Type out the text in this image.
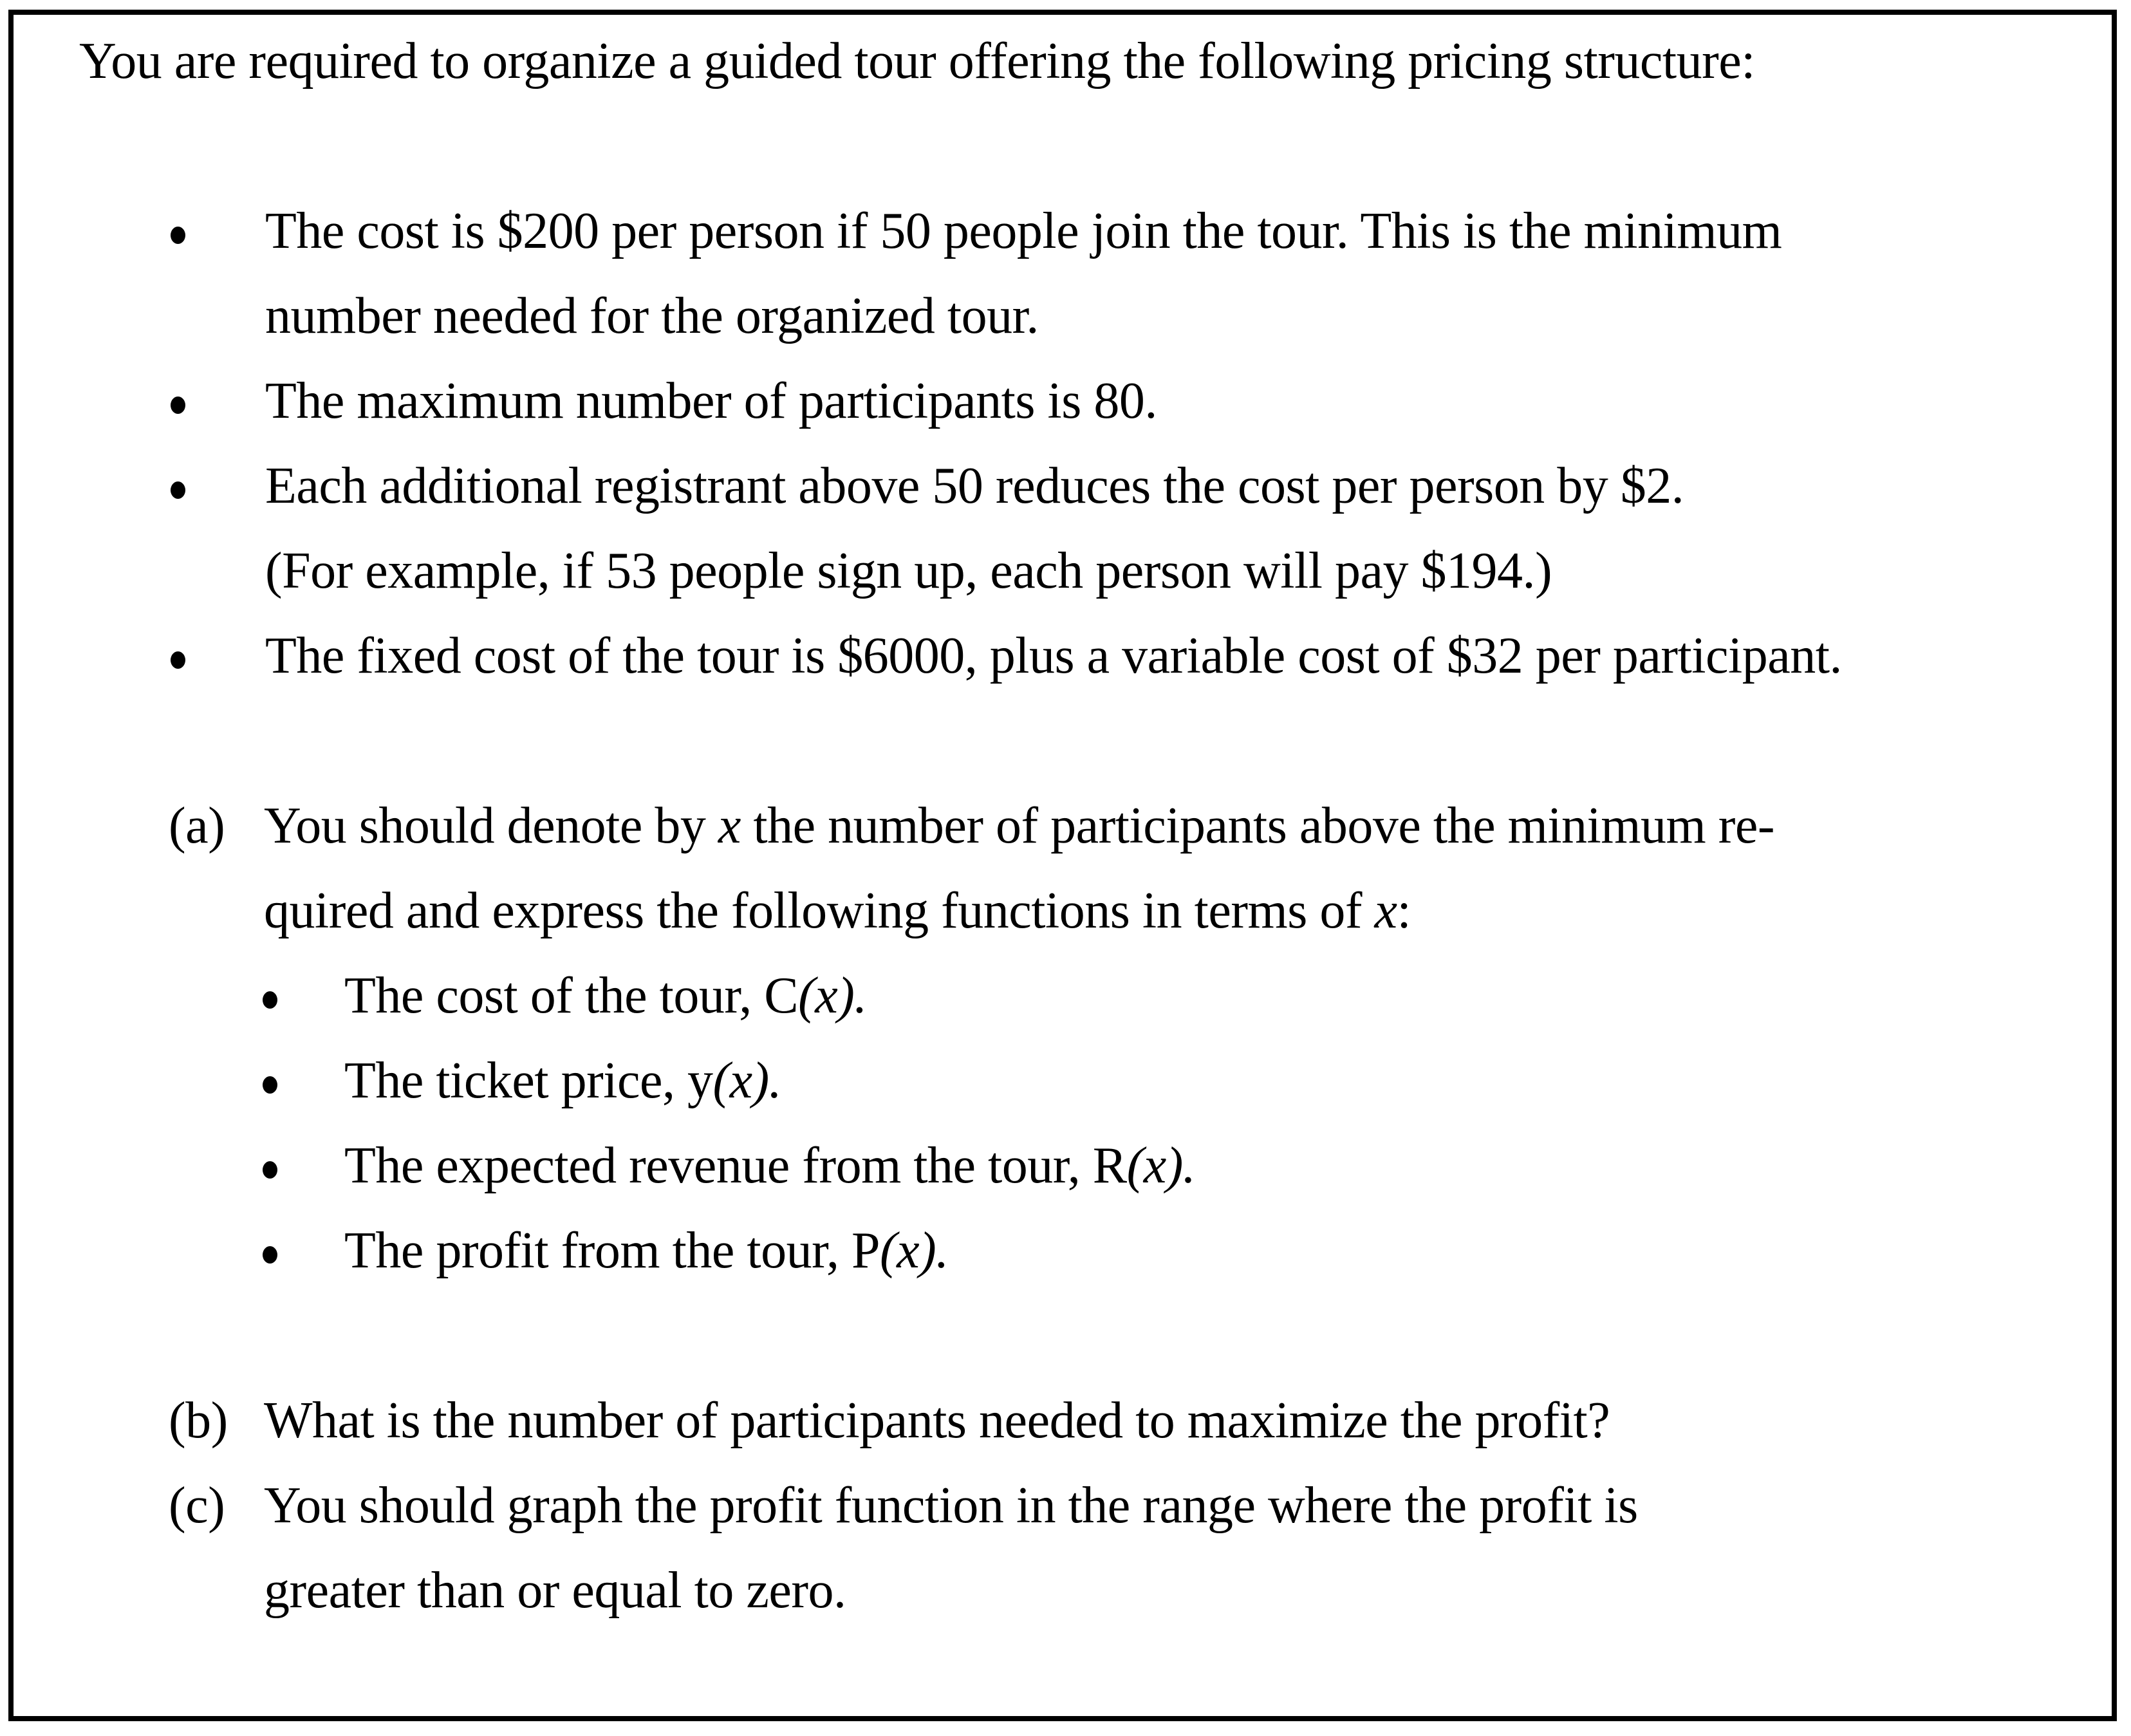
You are required to organize a guided tour offering the following pricing structure:
The cost is $200 per person if 50 people join the tour. This is the minimum
number needed for the organized tour.
The maximum number of participants is 80.
Each additional registrant above 50 reduces the cost per person by $2.
(For example, if 53 people sign up, each person will pay $194.)
The fixed cost of the tour is $6000, plus a variable cost of $32 per participant.
(a) You should denote by x the number of participants above the minimum re-
quired and express the following functions in terms of x:
The cost of the tour, C(x).
The ticket price, y(x).
The expected revenue from the tour, R(x).
The profit from the tour, P(x).
(b) What is the number of participants needed to maximize the profit?
(c) You should graph the profit function in the range where the profit is
greater than or equal to zero.
